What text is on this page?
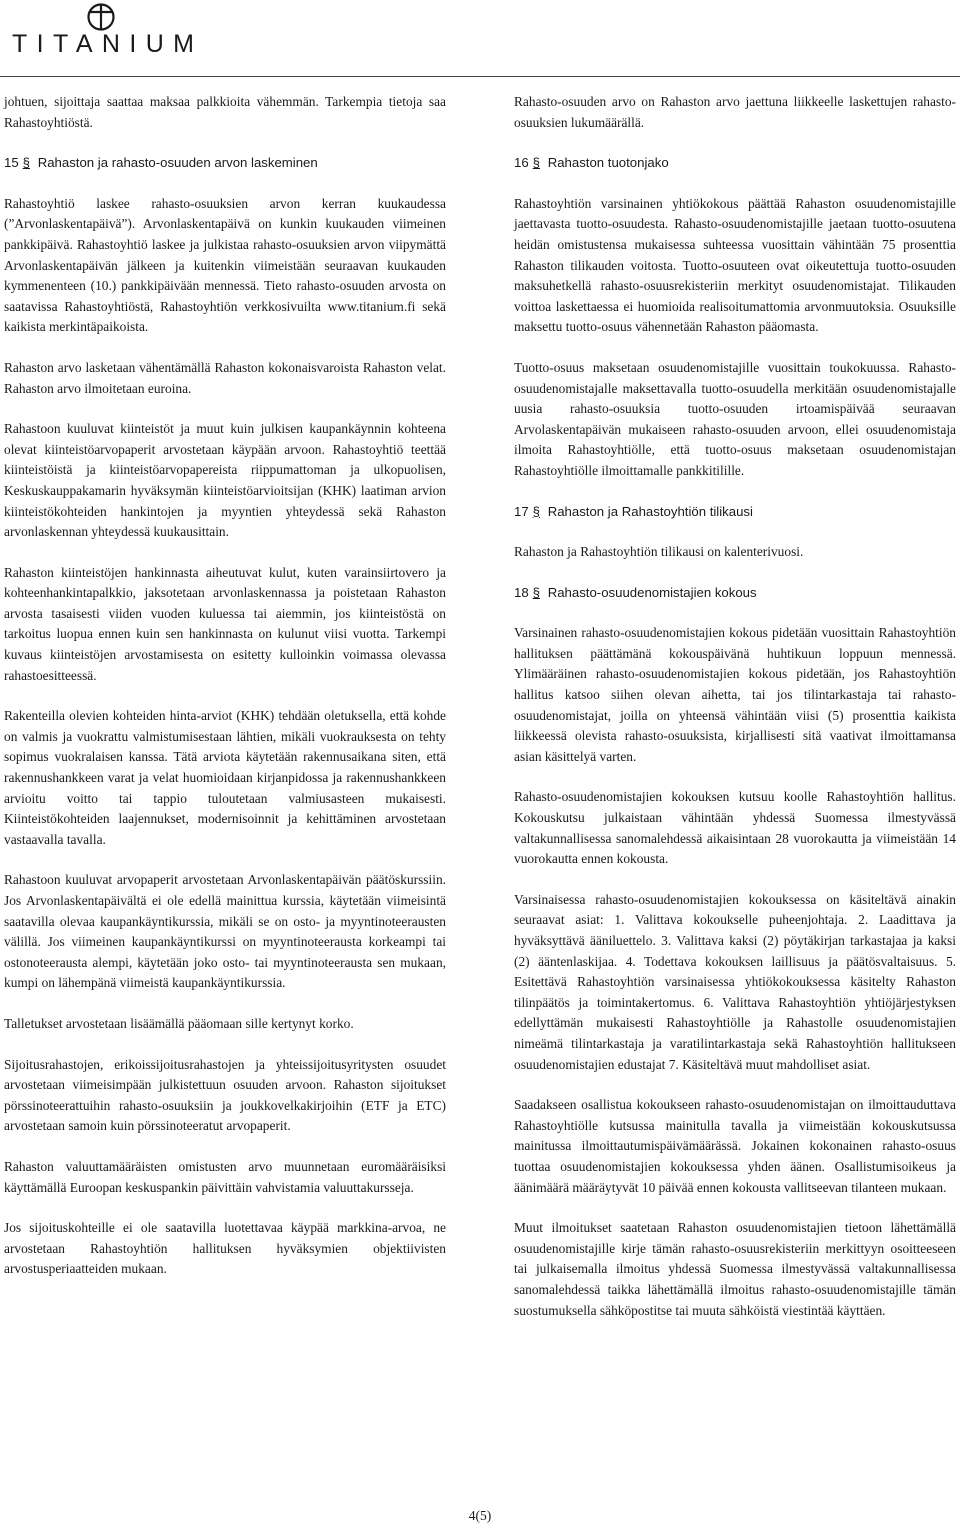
TITANIUM

johtuen, sijoittaja saattaa maksaa palkkioita vähemmän. Tarkempia tietoja saa Rahastoyhtiöstä.

15 § Rahaston ja rahasto-osuuden arvon laskeminen

Rahastoyhtiö laskee rahasto-osuuksien arvon kerran kuukaudessa (”Arvonlaskentapäivä”). Arvonlaskentapäivä on kunkin kuukauden viimeinen pankkipäivä. Rahastoyhtiö laskee ja julkistaa rahasto-osuuksien arvon viipymättä Arvonlaskentapäivän jälkeen ja kuitenkin viimeistään seuraavan kuukauden kymmenenteen (10.) pankkipäivään mennessä. Tieto rahasto-osuuden arvosta on saatavissa Rahastoyhtiöstä, Rahastoyhtiön verkkosivuilta www.titanium.fi sekä kaikista merkintäpaikoista.

Rahaston arvo lasketaan vähentämällä Rahaston kokonaisvaroista Rahaston velat. Rahaston arvo ilmoitetaan euroina.

Rahastoon kuuluvat kiinteistöt ja muut kuin julkisen kaupankäynnin kohteena olevat kiinteistöarvopaperit arvostetaan käypään arvoon. Rahastoyhtiö teettää kiinteistöistä ja kiinteistöarvopapereista riippumattoman ja ulkopuolisen, Keskuskauppakamarin hyväksymän kiinteistöarvioitsijan (KHK) laatiman arvion kiinteistökohteiden hankintojen ja myyntien yhteydessä sekä Rahaston arvonlaskennan yhteydessä kuukausittain.

Rahaston kiinteistöjen hankinnasta aiheutuvat kulut, kuten varainsiirtovero ja kohteenhankintapalkkio, jaksotetaan arvonlaskennassa ja poistetaan Rahaston arvosta tasaisesti viiden vuoden kuluessa tai aiemmin, jos kiinteistöstä on tarkoitus luopua ennen kuin sen hankinnasta on kulunut viisi vuotta. Tarkempi kuvaus kiinteistöjen arvostamisesta on esitetty kulloinkin voimassa olevassa rahastoesitteessä.

Rakenteilla olevien kohteiden hinta-arviot (KHK) tehdään oletuksella, että kohde on valmis ja vuokrattu valmistumisestaan lähtien, mikäli vuokrauksesta on tehty sopimus vuokralaisen kanssa. Tätä arviota käytetään rakennusaikana siten, että rakennushankkeen varat ja velat huomioidaan kirjanpidossa ja rakennushankkeen arvioitu voitto tai tappio tuloutetaan valmiusasteen mukaisesti. Kiinteistökohteiden laajennukset, modernisoinnit ja kehittäminen arvostetaan vastaavalla tavalla.

Rahastoon kuuluvat arvopaperit arvostetaan Arvonlaskentapäivän päätöskurssiin. Jos Arvonlaskentapäivältä ei ole edellä mainittua kurssia, käytetään viimeisintä saatavilla olevaa kaupankäyntikurssia, mikäli se on osto- ja myyntinoteerausten välillä. Jos viimeinen kaupankäyntikurssi on myyntinoteerausta korkeampi tai ostonoteerausta alempi, käytetään joko osto- tai myyntinoteerausta sen mukaan, kumpi on lähempänä viimeistä kaupankäyntikurssia.

Talletukset arvostetaan lisäämällä pääomaan sille kertynyt korko.

Sijoitusrahastojen, erikoissijoitusrahastojen ja yhteissijoitusyritysten osuudet arvostetaan viimeisimpään julkistettuun osuuden arvoon. Rahaston sijoitukset pörssinoteerattuihin rahasto-osuuksiin ja joukkovelkakirjoihin (ETF ja ETC) arvostetaan samoin kuin pörssinoteeratut arvopaperit.

Rahaston valuuttamääräisten omistusten arvo muunnetaan euromääräisiksi käyttämällä Euroopan keskuspankin päivittäin vahvistamia valuuttakursseja.

Jos sijoituskohteille ei ole saatavilla luotettavaa käypää markkina-arvoa, ne arvostetaan Rahastoyhtiön hallituksen hyväksymien objektiivisten arvostusperiaatteiden mukaan.

Rahasto-osuuden arvo on Rahaston arvo jaettuna liikkeelle laskettujen rahasto-osuuksien lukumäärällä.

16 § Rahaston tuotonjako

Rahastoyhtiön varsinainen yhtiökokous päättää Rahaston osuudenomistajille jaettavasta tuotto-osuudesta. Rahasto-osuudenomistajille jaetaan tuotto-osuutena heidän omistustensa mukaisessa suhteessa vuosittain vähintään 75 prosenttia Rahaston tilikauden voitosta. Tuotto-osuuteen ovat oikeutettuja tuotto-osuuden maksuhetkellä rahasto-osuusrekisteriin merkityt osuudenomistajat. Tilikauden voittoa laskettaessa ei huomioida realisoitumattomia arvonmuutoksia. Osuuksille maksettu tuotto-osuus vähennetään Rahaston pääomasta.

Tuotto-osuus maksetaan osuudenomistajille vuosittain toukokuussa. Rahasto-osuudenomistajalle maksettavalla tuotto-osuudella merkitään osuudenomistajalle uusia rahasto-osuuksia tuotto-osuuden irtoamispäivää seuraavan Arvolaskentapäivän mukaiseen rahasto-osuuden arvoon, ellei osuudenomistaja ilmoita Rahastoyhtiölle, että tuotto-osuus maksetaan osuudenomistajan Rahastoyhtiölle ilmoittamalle pankkitilille.

17 § Rahaston ja Rahastoyhtiön tilikausi

Rahaston ja Rahastoyhtiön tilikausi on kalenterivuosi.

18 § Rahasto-osuudenomistajien kokous

Varsinainen rahasto-osuudenomistajien kokous pidetään vuosittain Rahastoyhtiön hallituksen päättämänä kokouspäivänä huhtikuun loppuun mennessä. Ylimääräinen rahasto-osuudenomistajien kokous pidetään, jos Rahastoyhtiön hallitus katsoo siihen olevan aihetta, tai jos tilintarkastaja tai rahasto-osuudenomistajat, joilla on yhteensä vähintään viisi (5) prosenttia kaikista liikkeessä olevista rahasto-osuuksista, kirjallisesti sitä vaativat ilmoittamansa asian käsittelyä varten.

Rahasto-osuudenomistajien kokouksen kutsuu koolle Rahastoyhtiön hallitus. Kokouskutsu julkaistaan vähintään yhdessä Suomessa ilmestyvässä valtakunnallisessa sanomalehdessä aikaisintaan 28 vuorokautta ja viimeistään 14 vuorokautta ennen kokousta.

Varsinaisessa rahasto-osuudenomistajien kokouksessa on käsiteltävä ainakin seuraavat asiat: 1. Valittava kokoukselle puheenjohtaja. 2. Laadittava ja hyväksyttävä ääniluettelo. 3. Valittava kaksi (2) pöytäkirjan tarkastajaa ja kaksi (2) ääntenlaskijaa. 4. Todettava kokouksen laillisuus ja päätösvaltaisuus. 5. Esitettävä Rahastoyhtiön varsinaisessa yhtiökokouksessa käsitelty Rahaston tilinpäätös ja toimintakertomus. 6. Valittava Rahastoyhtiön yhtiöjärjestyksen edellyttämän mukaisesti Rahastoyhtiölle ja Rahastolle osuudenomistajien nimeämä tilintarkastaja ja varatilintarkastaja sekä Rahastoyhtiön hallitukseen osuudenomistajien edustajat 7. Käsiteltävä muut mahdolliset asiat.

Saadakseen osallistua kokoukseen rahasto-osuudenomistajan on ilmoittauduttava Rahastoyhtiölle kutsussa mainitulla tavalla ja viimeistään kokouskutsussa mainitussa ilmoittautumispäivämäärässä. Jokainen kokonainen rahasto-osuus tuottaa osuudenomistajien kokouksessa yhden äänen. Osallistumisoikeus ja äänimäärä määräytyvät 10 päivää ennen kokousta vallitseevan tilanteen mukaan.

Muut ilmoitukset saatetaan Rahaston osuudenomistajien tietoon lähettämällä osuudenomistajille kirje tämän rahasto-osuusrekisteriin merkittyyn osoitteeseen tai julkaisemalla ilmoitus yhdessä Suomessa ilmestyvässä valtakunnallisessa sanomalehdessä taikka lähettämällä ilmoitus rahasto-osuudenomistajille tämän suostumuksella sähköpostitse tai muuta sähköistä viestintää käyttäen.

4(5)
